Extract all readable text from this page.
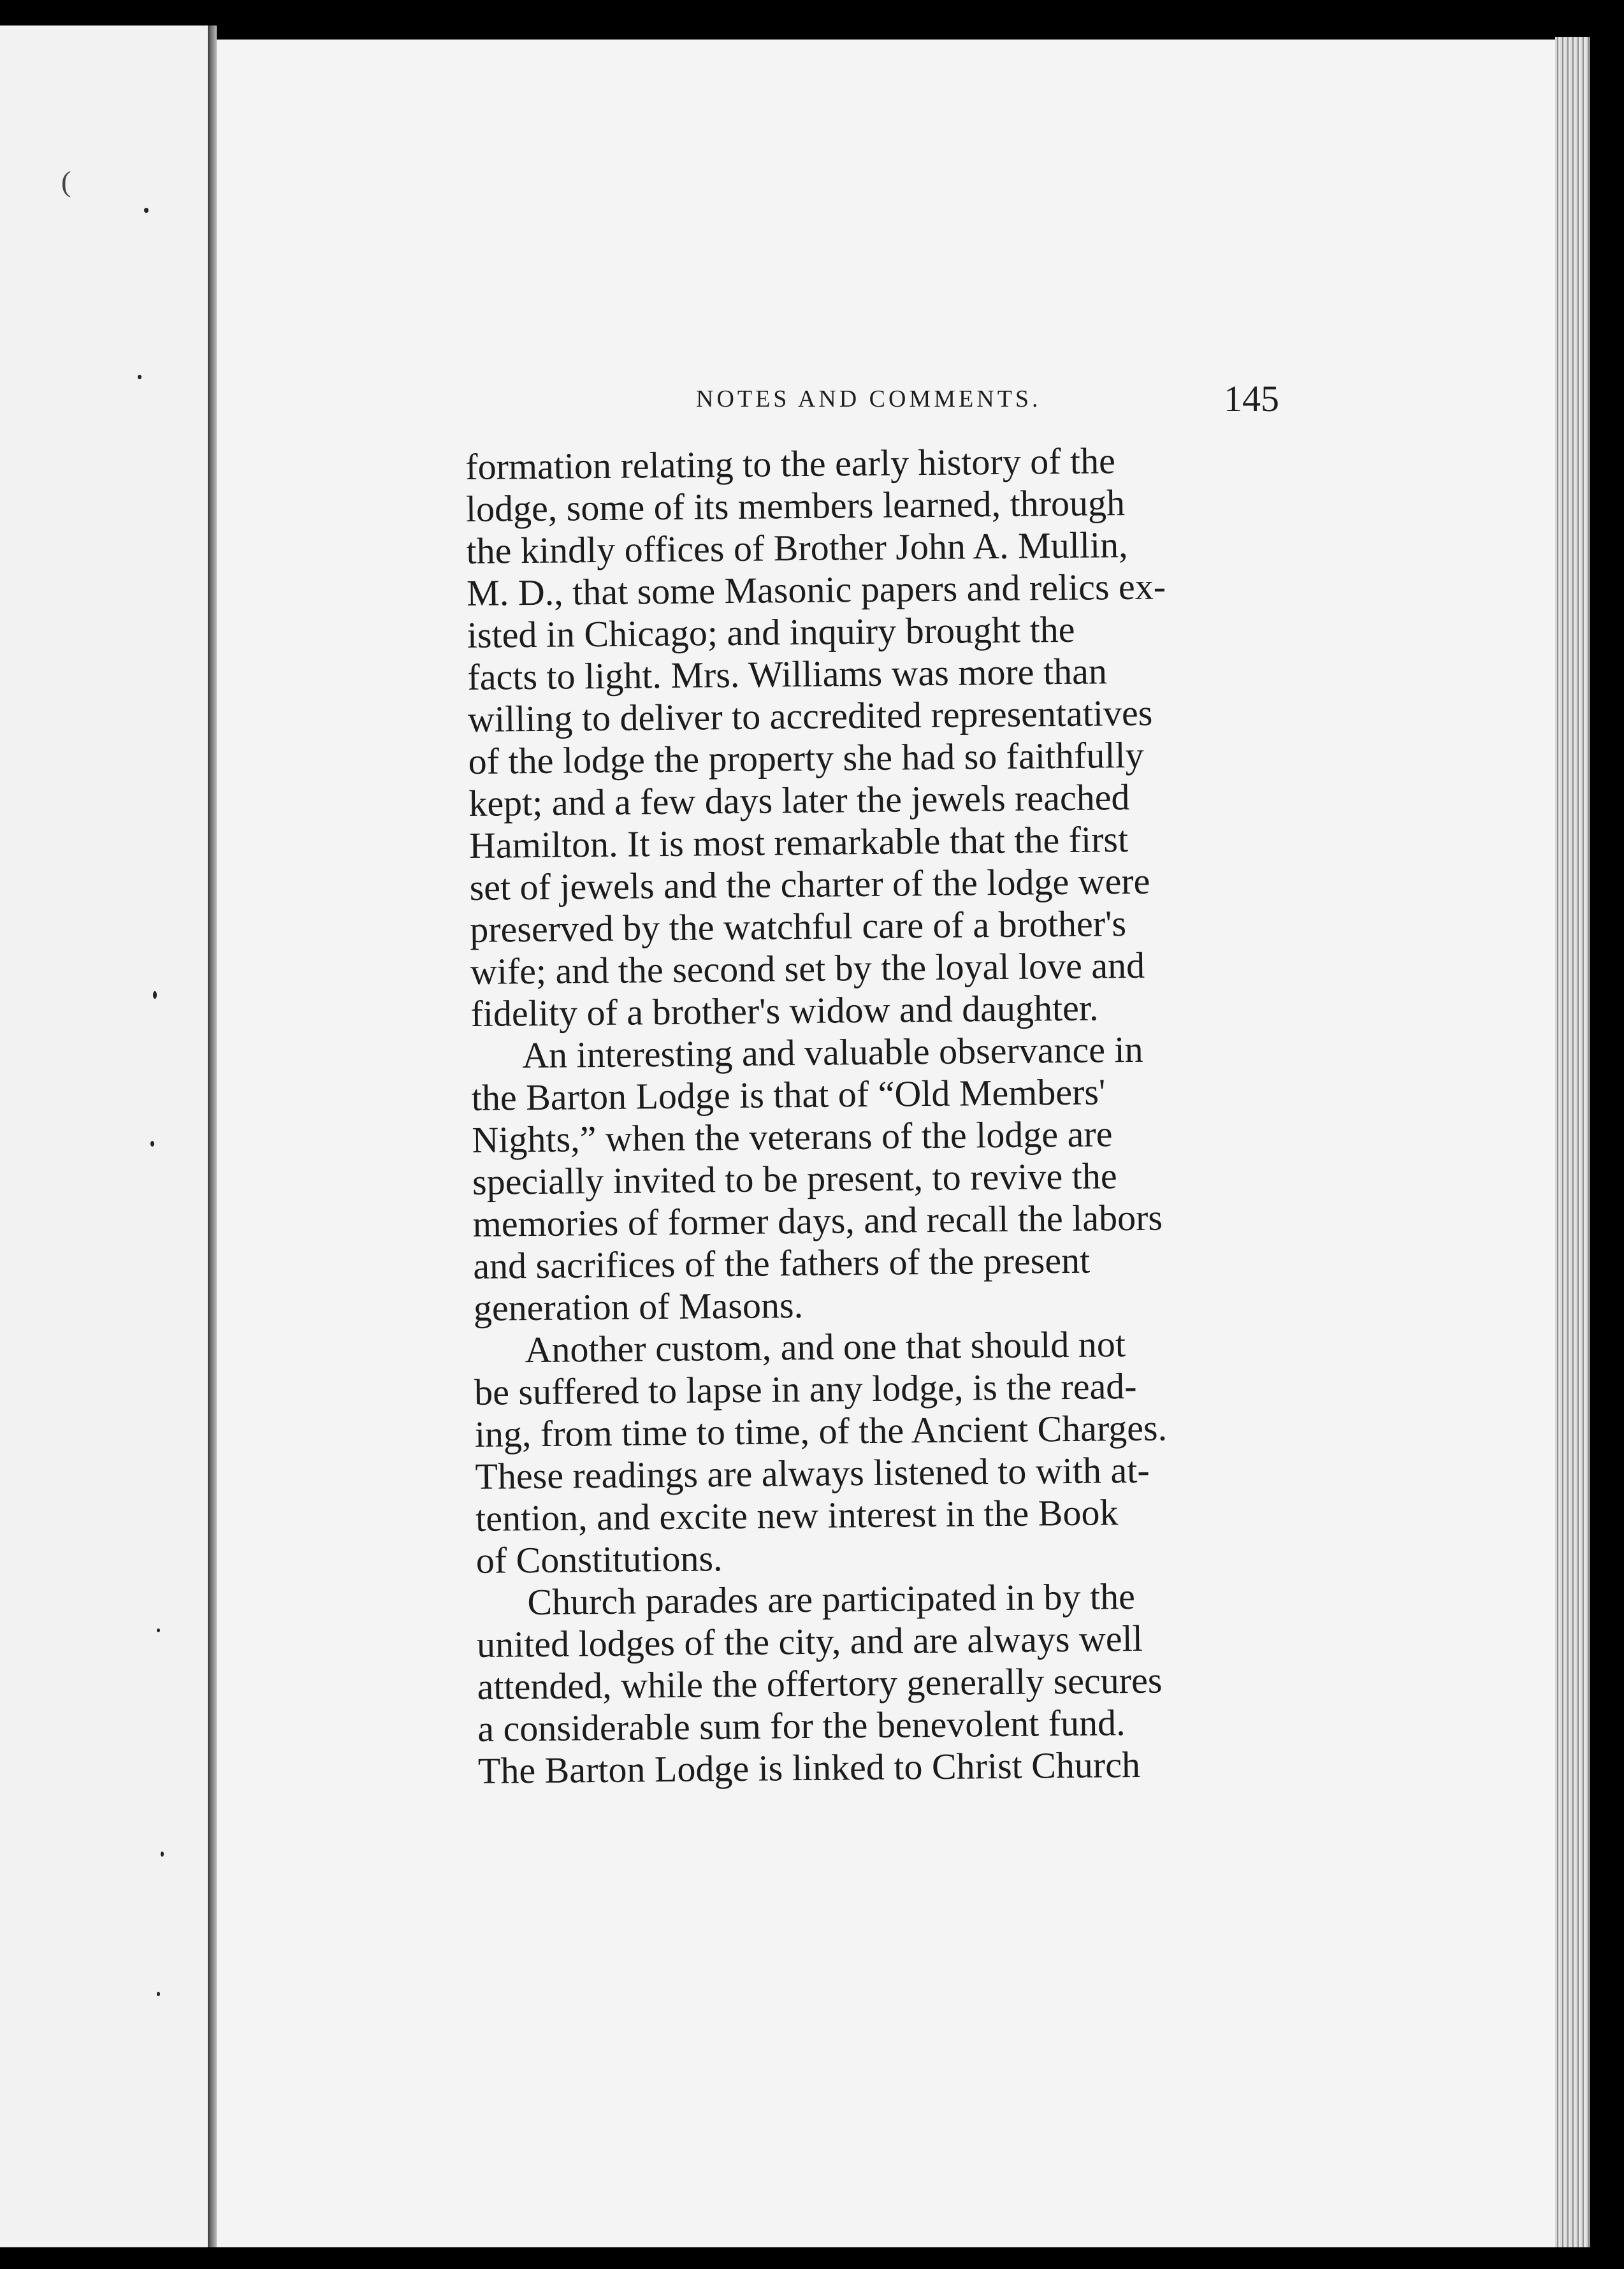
(
NOTES AND COMMENTS.	145
formation relating to the early history of the
lodge, some of its members learned, through
the kindly offices of Brother John A. Mullin,
M. D., that some Masonic papers and relics ex-
isted in Chicago; and inquiry brought the
facts to light. Mrs. Williams was more than
willing to deliver to accredited representatives
of the lodge the property she had so faithfully
kept; and a few days later the jewels reached
Hamilton. It is most remarkable that the first
set of jewels and the charter of the lodge were
preserved by the watchful care of a brother's
wife; and the second set by the loyal love and
fidelity of a brother's widow and daughter.
An interesting and valuable observance in
the Barton Lodge is that of “Old Members'
Nights,” when the veterans of the lodge are
specially invited to be present, to revive the
memories of former days, and recall the labors
and sacrifices of the fathers of the present
generation of Masons.
Another custom, and one that should not
be suffered to lapse in any lodge, is the read-
ing, from time to time, of the Ancient Charges.
These readings are always listened to with at-
tention, and excite new interest in the Book
of Constitutions.
Church parades are participated in by the
united lodges of the city, and are always well
attended, while the offertory generally secures
a considerable sum for the benevolent fund.
The Barton Lodge is linked to Christ Church
